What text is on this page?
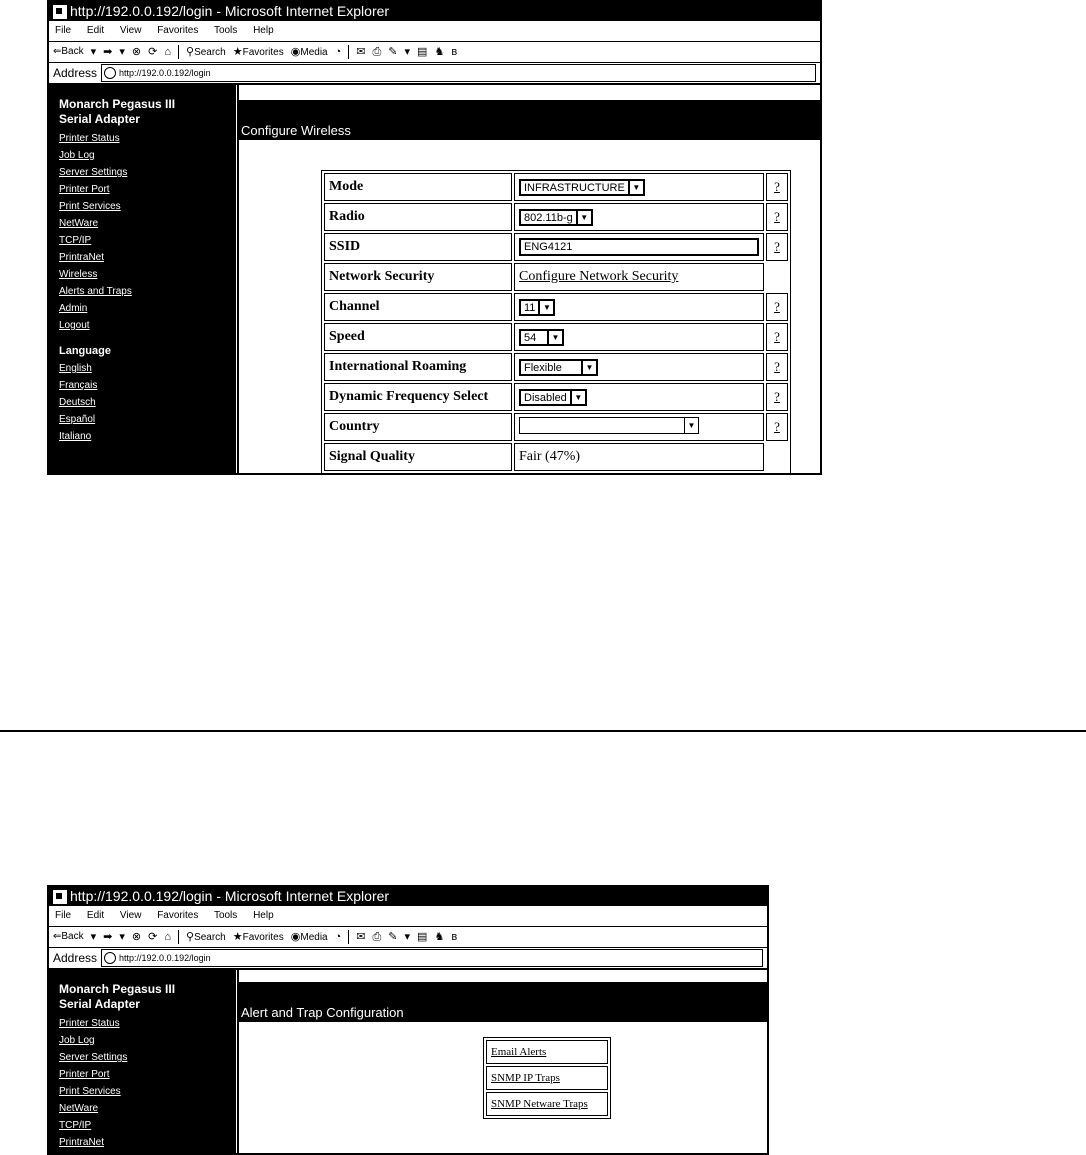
http://192.0.0.192/login - Microsoft Internet Explorer
File Edit View Favorites Tools Help
⇐Back ▾ ➡ ▾ ⊗ ⟳ ⌂ ⚲Search ★Favorites ◉Media ◔ ✉ ⎙ ✎ ▾ ▤ ♞ ʙ
Address http://192.0.0.192/login
Monarch Pegasus III
Serial Adapter
Printer Status
Job Log
Server Settings
Printer Port
Print Services
NetWare
TCP/IP
PrintraNet
Wireless
Alerts and Traps
Admin
Logout
Language
English
Français
Deutsch
Español
Italiano
Configure Wireless
Mode	INFRASTRUCTURE ▼	?
Radio	802.11b-g ▼	?
SSID	ENG4121	?
Network Security	Configure Network Security	
Channel	11 ▼	?
Speed	54 ▼	?
International Roaming	Flexible ▼	?
Dynamic Frequency Select	Disabled ▼	?
Country	▼	?
Signal Quality	Fair (47%)	
http://192.0.0.192/login - Microsoft Internet Explorer
File Edit View Favorites Tools Help
⇐Back ▾ ➡ ▾ ⊗ ⟳ ⌂ ⚲Search ★Favorites ◉Media ◔ ✉ ⎙ ✎ ▾ ▤ ♞ ʙ
Address http://192.0.0.192/login
Monarch Pegasus III
Serial Adapter
Printer Status
Job Log
Server Settings
Printer Port
Print Services
NetWare
TCP/IP
PrintraNet
Alert and Trap Configuration
Email Alerts
SNMP IP Traps
SNMP Netware Traps
